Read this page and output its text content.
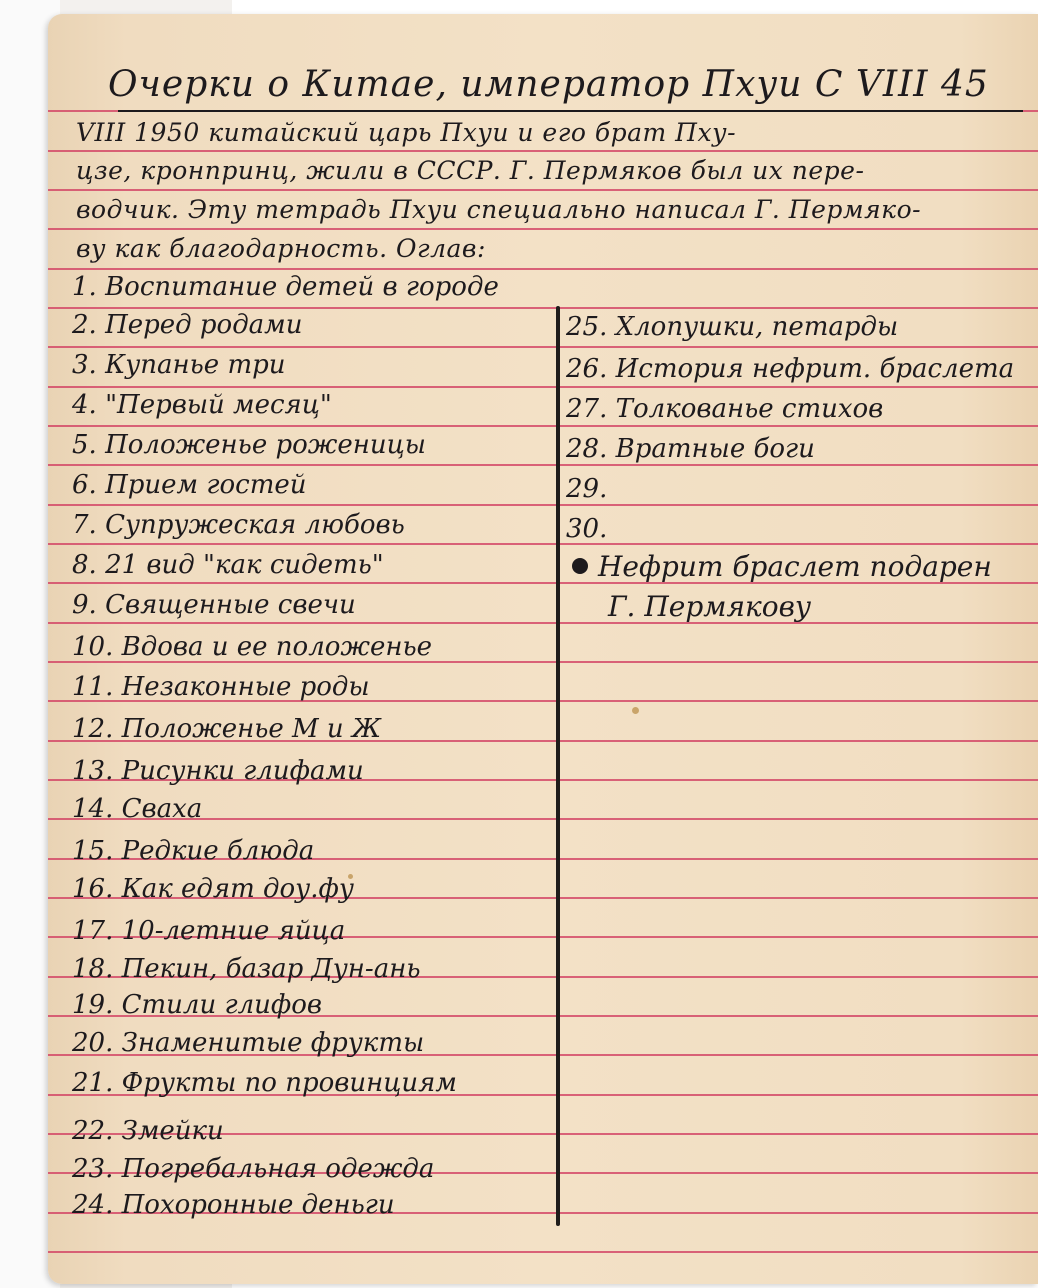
Очерки о Китае, император Пхуи С VIII 45
VIII 1950 китайский царь Пхуи и его брат Пху-
цзе, кронпринц, жили в СССР. Г. Пермяков был их пере-
водчик. Эту тетрадь Пхуи специально написал Г. Пермяко-
ву как благодарность. Оглав:
1. Воспитание детей в городе
2. Перед родами
3. Купанье три
4. "Первый месяц"
5. Положенье роженицы
6. Прием гостей
7. Супружеская любовь
8. 21 вид "как сидеть"
9. Священные свечи
10. Вдова и ее положенье
11. Незаконные роды
12. Положенье М и Ж
13. Рисунки глифами
14. Сваха
15. Редкие блюда
16. Как едят доу.фу
17. 10-летние яйца
18. Пекин, базар Дун-ань
19. Стили глифов
20. Знаменитые фрукты
21. Фрукты по провинциям
22. Змейки
23. Погребальная одежда
24. Похоронные деньги
25. Хлопушки, петарды
26. История нефрит. браслета
27. Толкованье стихов
28. Вратные боги
29.
30.
Нефрит браслет подарен
Г. Пермякову
